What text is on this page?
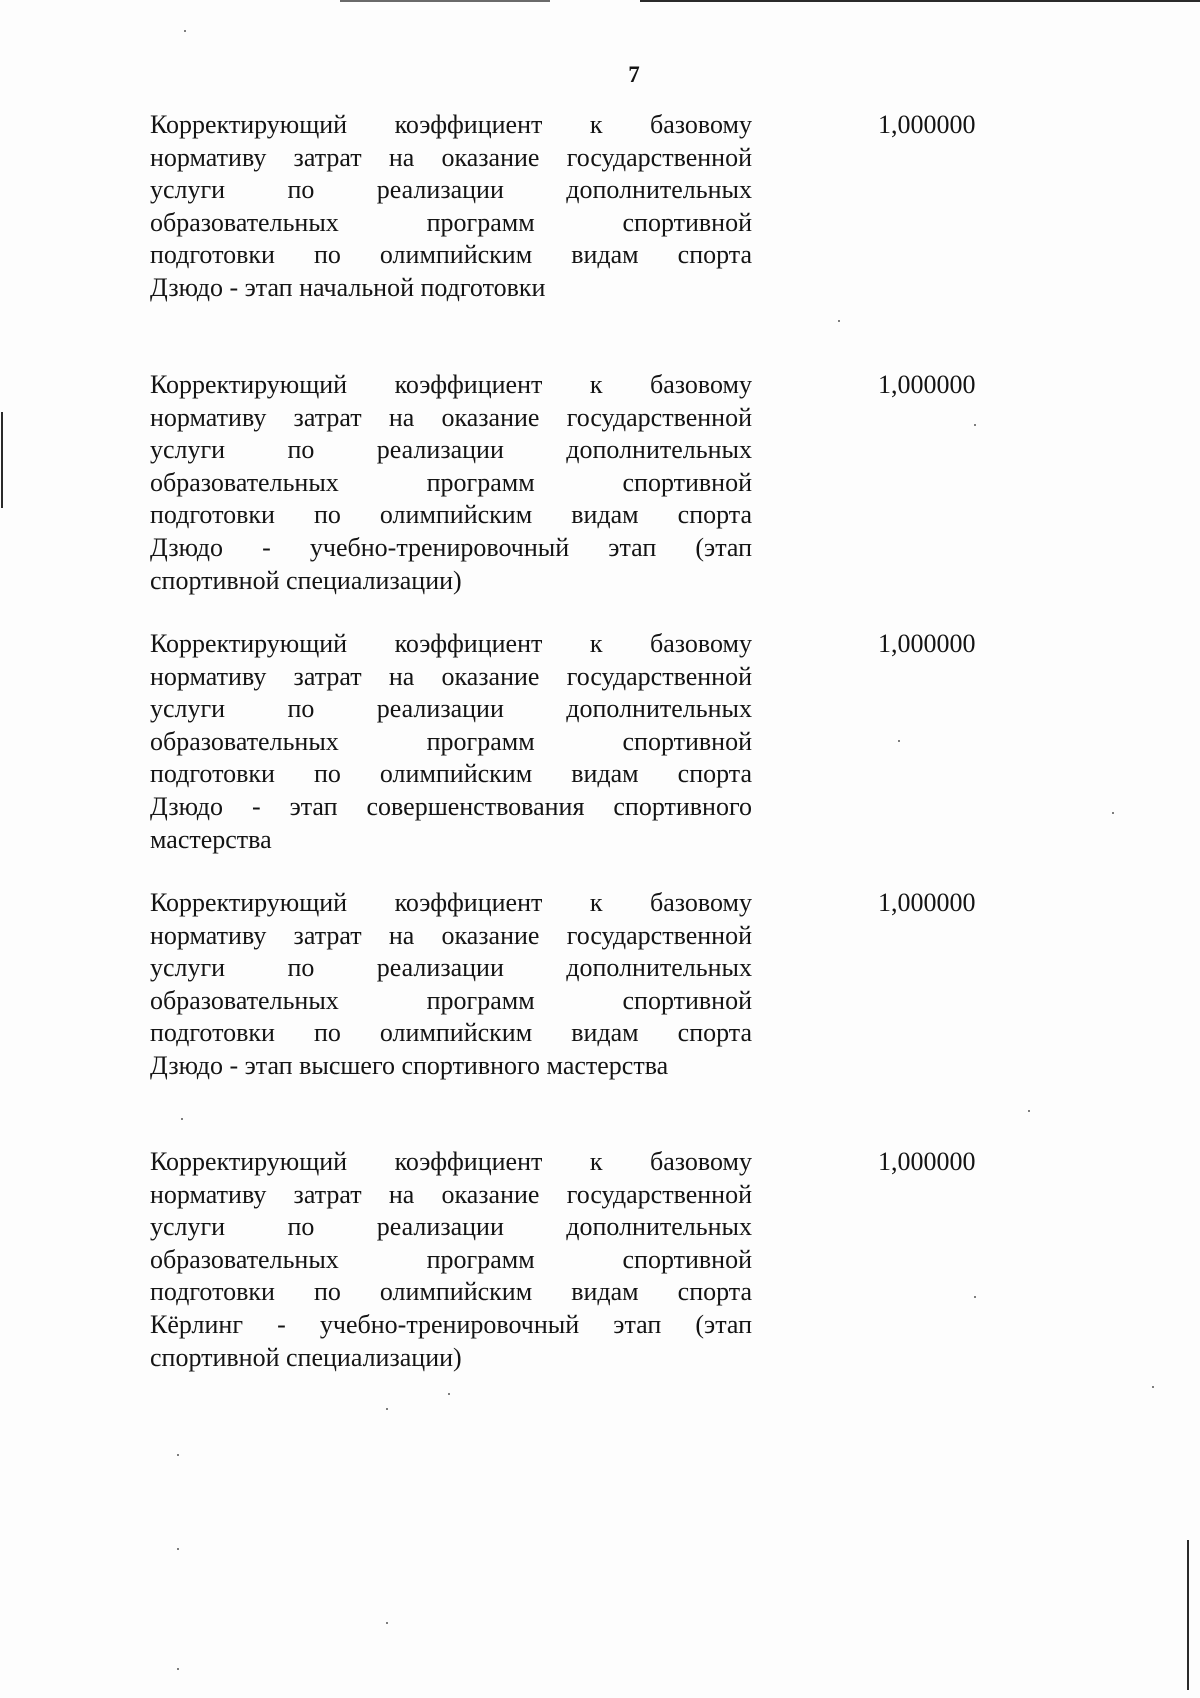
7
Корректирующий коэффициент к базовому
нормативу затрат на оказание государственной
услуги по реализации дополнительных
образовательных программ спортивной
подготовки по олимпийским видам спорта
Дзюдо - этап начальной подготовки
1,000000
Корректирующий коэффициент к базовому
нормативу затрат на оказание государственной
услуги по реализации дополнительных
образовательных программ спортивной
подготовки по олимпийским видам спорта
Дзюдо - учебно-тренировочный этап (этап
спортивной специализации)
1,000000
Корректирующий коэффициент к базовому
нормативу затрат на оказание государственной
услуги по реализации дополнительных
образовательных программ спортивной
подготовки по олимпийским видам спорта
Дзюдо - этап совершенствования спортивного
мастерства
1,000000
Корректирующий коэффициент к базовому
нормативу затрат на оказание государственной
услуги по реализации дополнительных
образовательных программ спортивной
подготовки по олимпийским видам спорта
Дзюдо - этап высшего спортивного мастерства
1,000000
Корректирующий коэффициент к базовому
нормативу затрат на оказание государственной
услуги по реализации дополнительных
образовательных программ спортивной
подготовки по олимпийским видам спорта
Кёрлинг - учебно-тренировочный этап (этап
спортивной специализации)
1,000000
